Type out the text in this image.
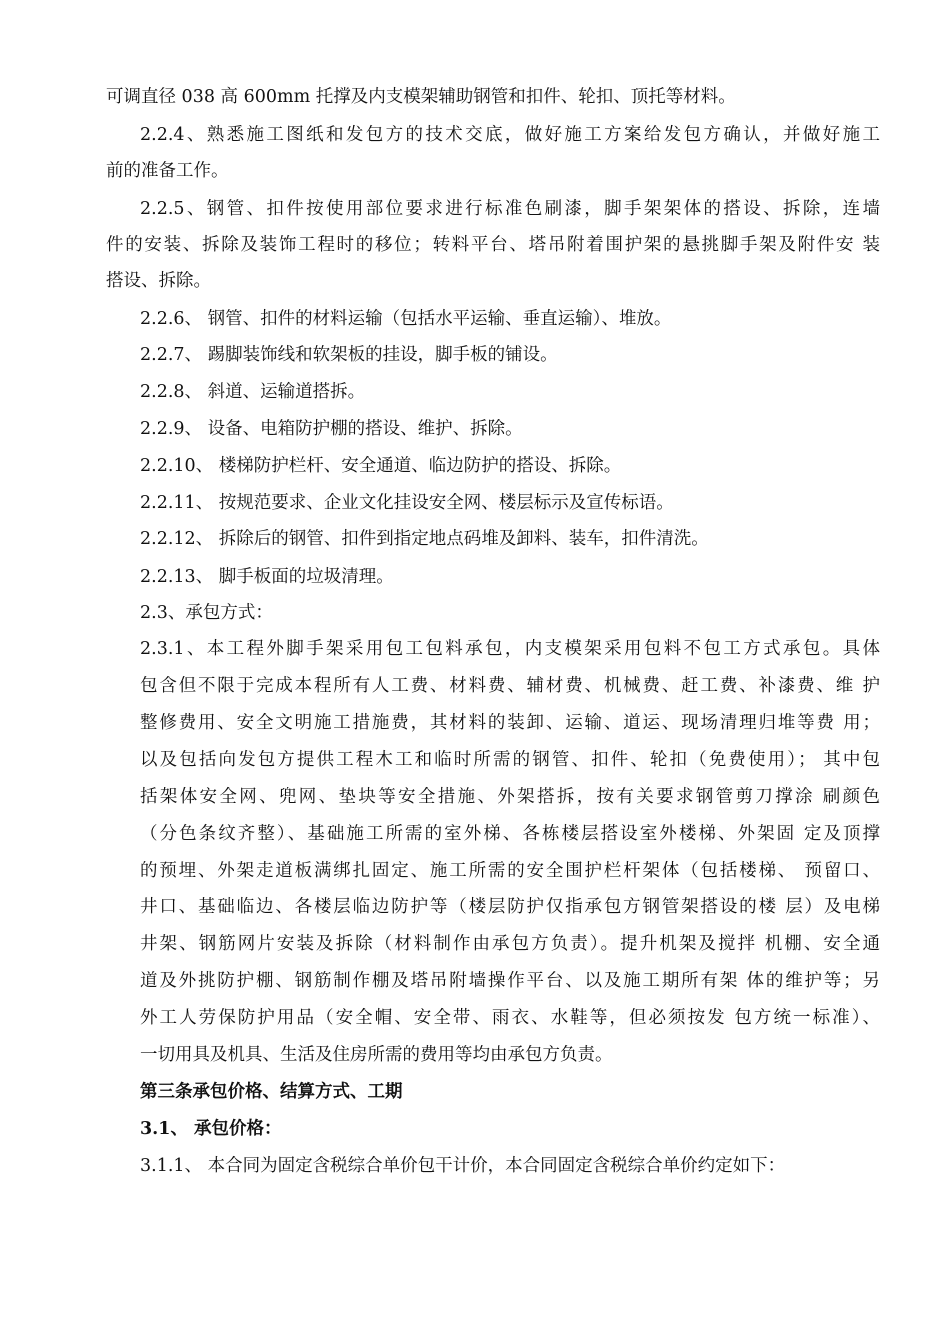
可调直径 038 高 600mm 托撑及内支模架辅助钢管和扣件、轮扣、顶托等材料。
2.2.4、熟悉施工图纸和发包方的技术交底，做好施工方案给发包方确认，并做好施工
前的准备工作。
2.2.5、钢管、扣件按使用部位要求进行标准色刷漆，脚手架架体的搭设、拆除，连墙
件的安装、拆除及装饰工程时的移位；转料平台、塔吊附着围护架的悬挑脚手架及附件安 装
搭设、拆除。
2.2.6、 钢管、扣件的材料运输（包括水平运输、垂直运输）、堆放。
2.2.7、 踢脚装饰线和软架板的挂设，脚手板的铺设。
2.2.8、 斜道、运输道搭拆。
2.2.9、 设备、电箱防护棚的搭设、维护、拆除。
2.2.10、 楼梯防护栏杆、安全通道、临边防护的搭设、拆除。
2.2.11、 按规范要求、企业文化挂设安全网、楼层标示及宣传标语。
2.2.12、 拆除后的钢管、扣件到指定地点码堆及卸料、装车，扣件清洗。
2.2.13、 脚手板面的垃圾清理。
2.3、承包方式：
2.3.1、本工程外脚手架采用包工包料承包，内支模架采用包料不包工方式承包。具体
包含但不限于完成本程所有人工费、材料费、辅材费、机械费、赶工费、补漆费、维 护
整修费用、安全文明施工措施费，其材料的装卸、运输、道运、现场清理归堆等费 用；
以及包括向发包方提供工程木工和临时所需的钢管、扣件、轮扣（免费使用）； 其中包
括架体安全网、兜网、垫块等安全措施、外架搭拆，按有关要求钢管剪刀撑涂 刷颜色
（分色条纹齐整）、基础施工所需的室外梯、各栋楼层搭设室外楼梯、外架固 定及顶撑
的预埋、外架走道板满绑扎固定、施工所需的安全围护栏杆架体（包括楼梯、 预留口、
井口、基础临边、各楼层临边防护等（楼层防护仅指承包方钢管架搭设的楼 层）及电梯
井架、钢筋网片安装及拆除（材料制作由承包方负责）。提升机架及搅拌 机棚、安全通
道及外挑防护棚、钢筋制作棚及塔吊附墙操作平台、以及施工期所有架 体的维护等；另
外工人劳保防护用品（安全帽、安全带、雨衣、水鞋等，但必须按发 包方统一标准）、
一切用具及机具、生活及住房所需的费用等均由承包方负责。
第三条承包价格、结算方式、工期
3.1、 承包价格：
3.1.1、 本合同为固定含税综合单价包干计价，本合同固定含税综合单价约定如下：
